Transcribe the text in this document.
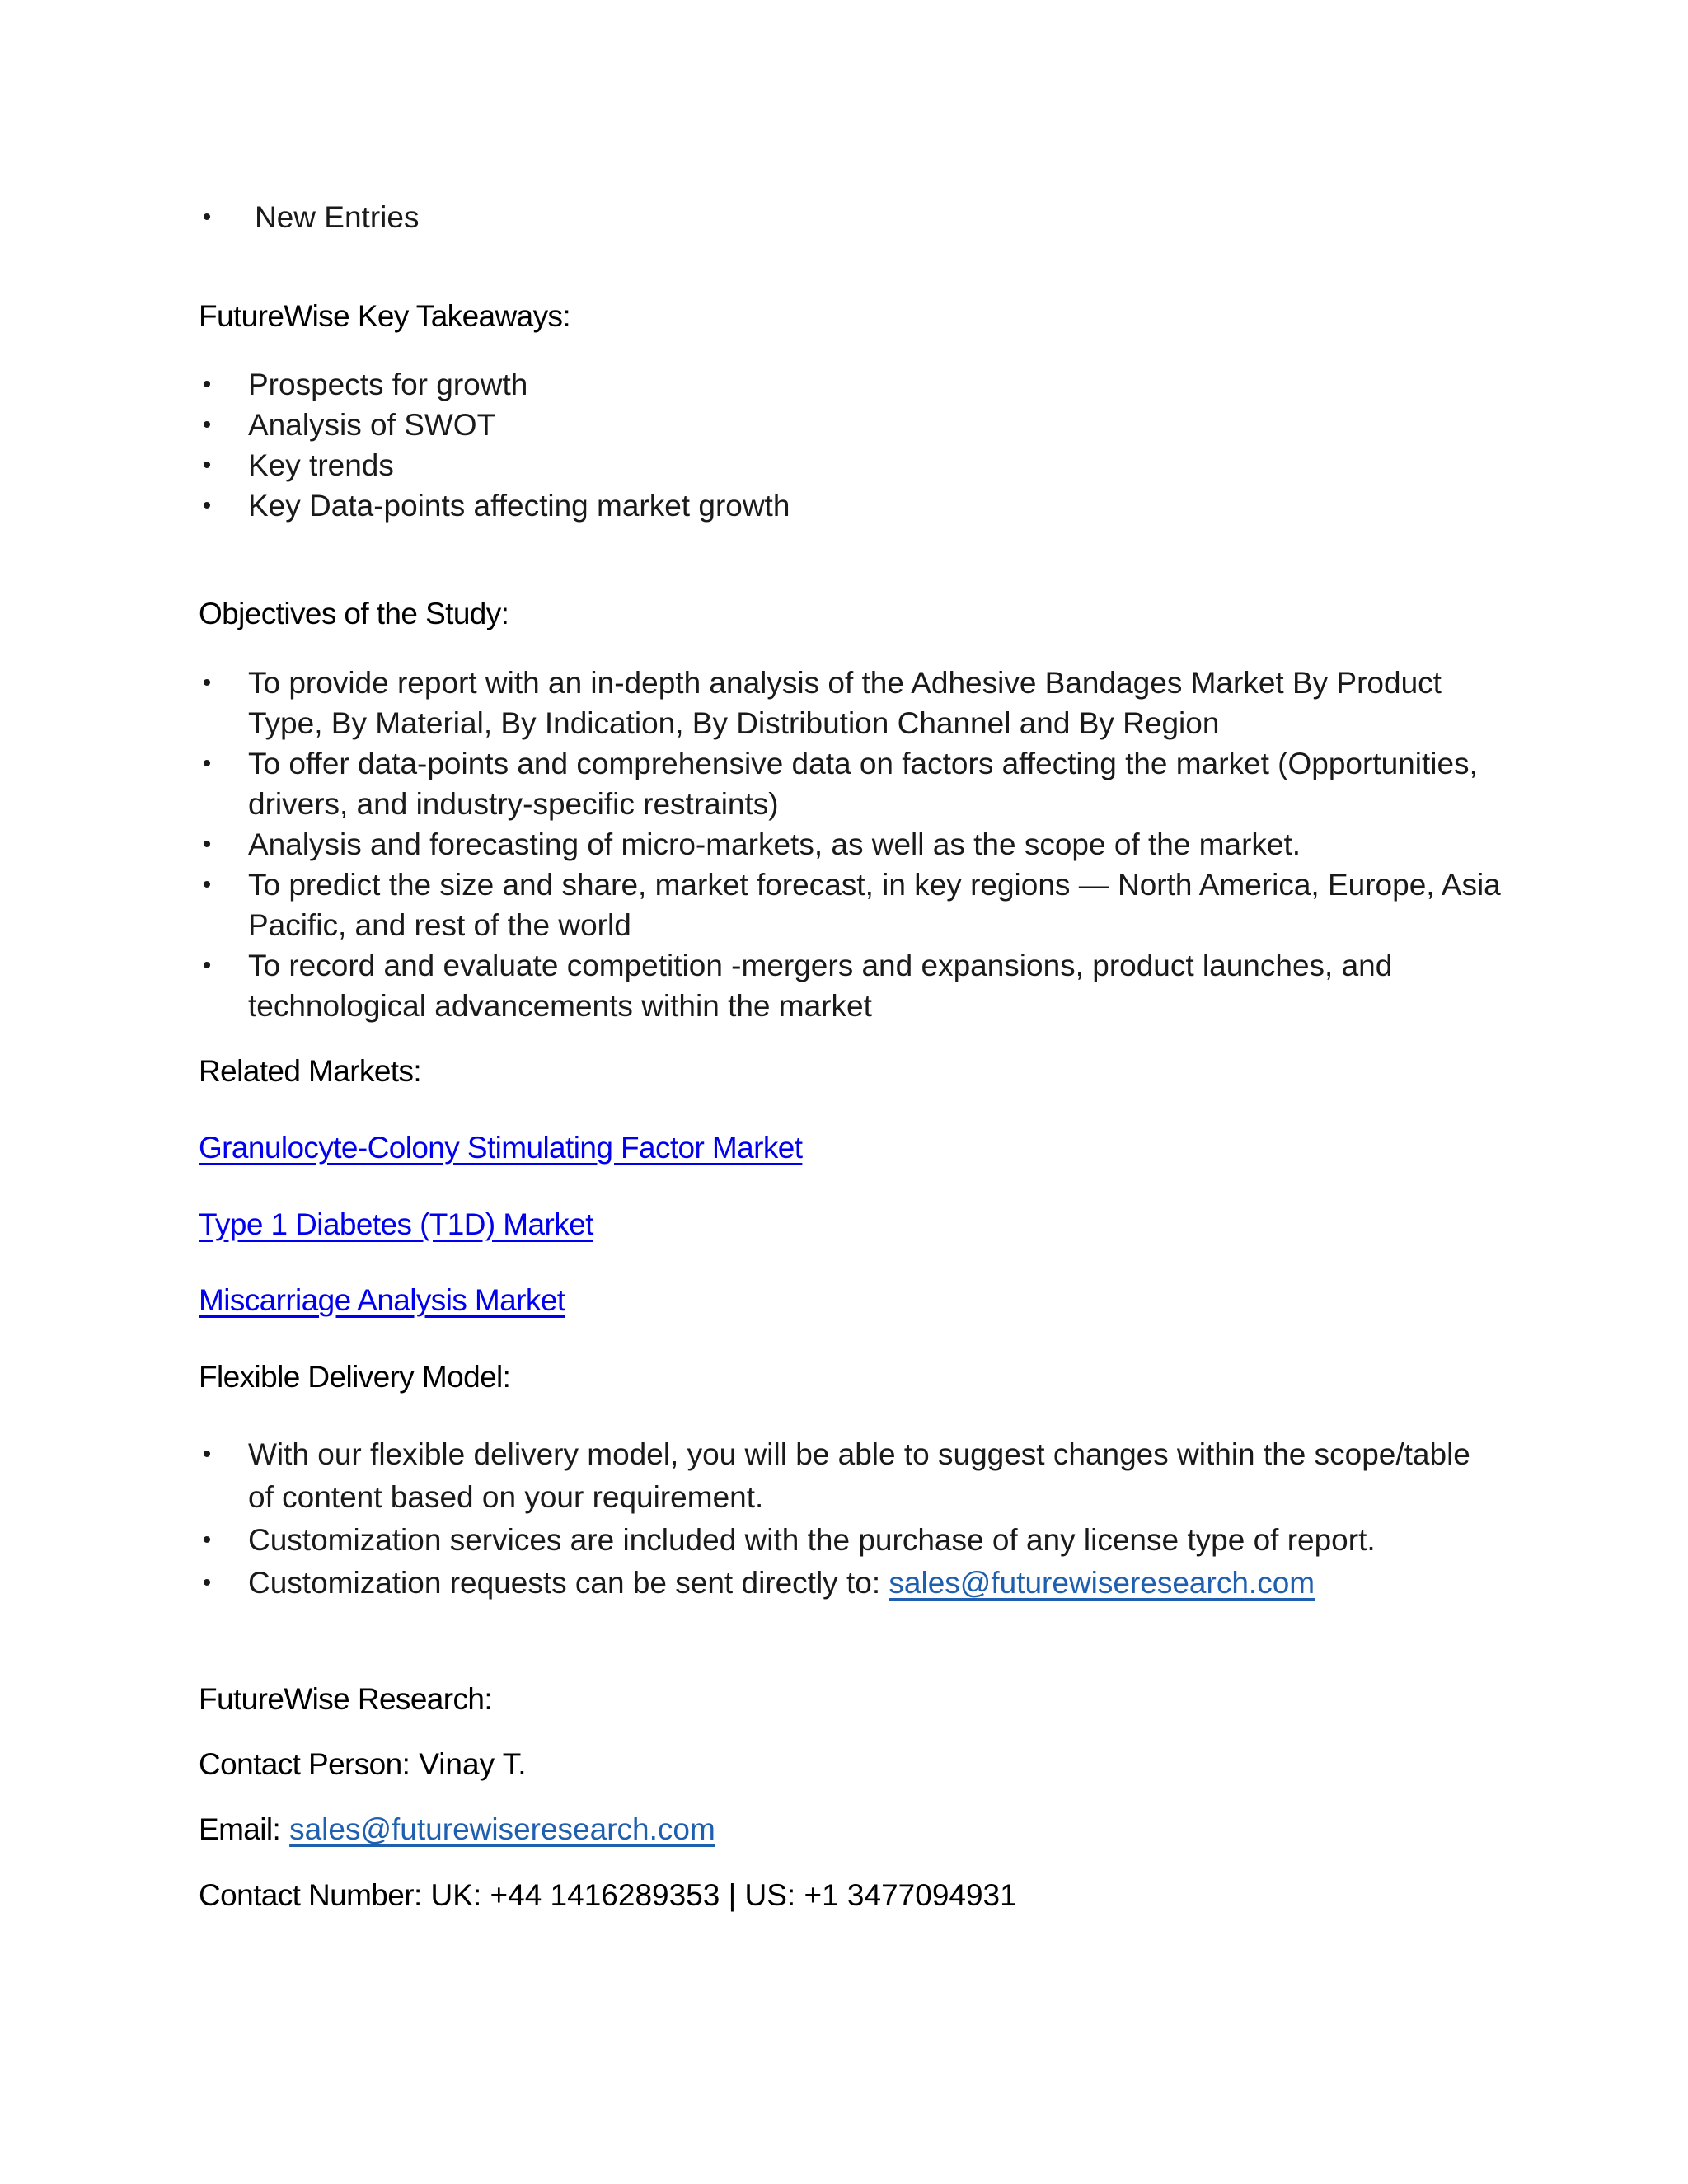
• New Entries
FutureWise Key Takeaways:
• Prospects for growth
• Analysis of SWOT
• Key trends
• Key Data-points affecting market growth
Objectives of the Study:
• To provide report with an in-depth analysis of the Adhesive Bandages Market By Product
Type, By Material, By Indication, By Distribution Channel and By Region
• To offer data-points and comprehensive data on factors affecting the market (Opportunities,
drivers, and industry-specific restraints)
• Analysis and forecasting of micro-markets, as well as the scope of the market.
• To predict the size and share, market forecast, in key regions — North America, Europe, Asia
Pacific, and rest of the world
• To record and evaluate competition -mergers and expansions, product launches, and
technological advancements within the market
Related Markets:
Granulocyte-Colony Stimulating Factor Market
Type 1 Diabetes (T1D) Market
Miscarriage Analysis Market
Flexible Delivery Model:
• With our flexible delivery model, you will be able to suggest changes within the scope/table
of content based on your requirement.
• Customization services are included with the purchase of any license type of report.
• Customization requests can be sent directly to: sales@futurewiseresearch.com
FutureWise Research:
Contact Person: Vinay T.
Email: sales@futurewiseresearch.com
Contact Number: UK: +44 1416289353 | US: +1 3477094931
